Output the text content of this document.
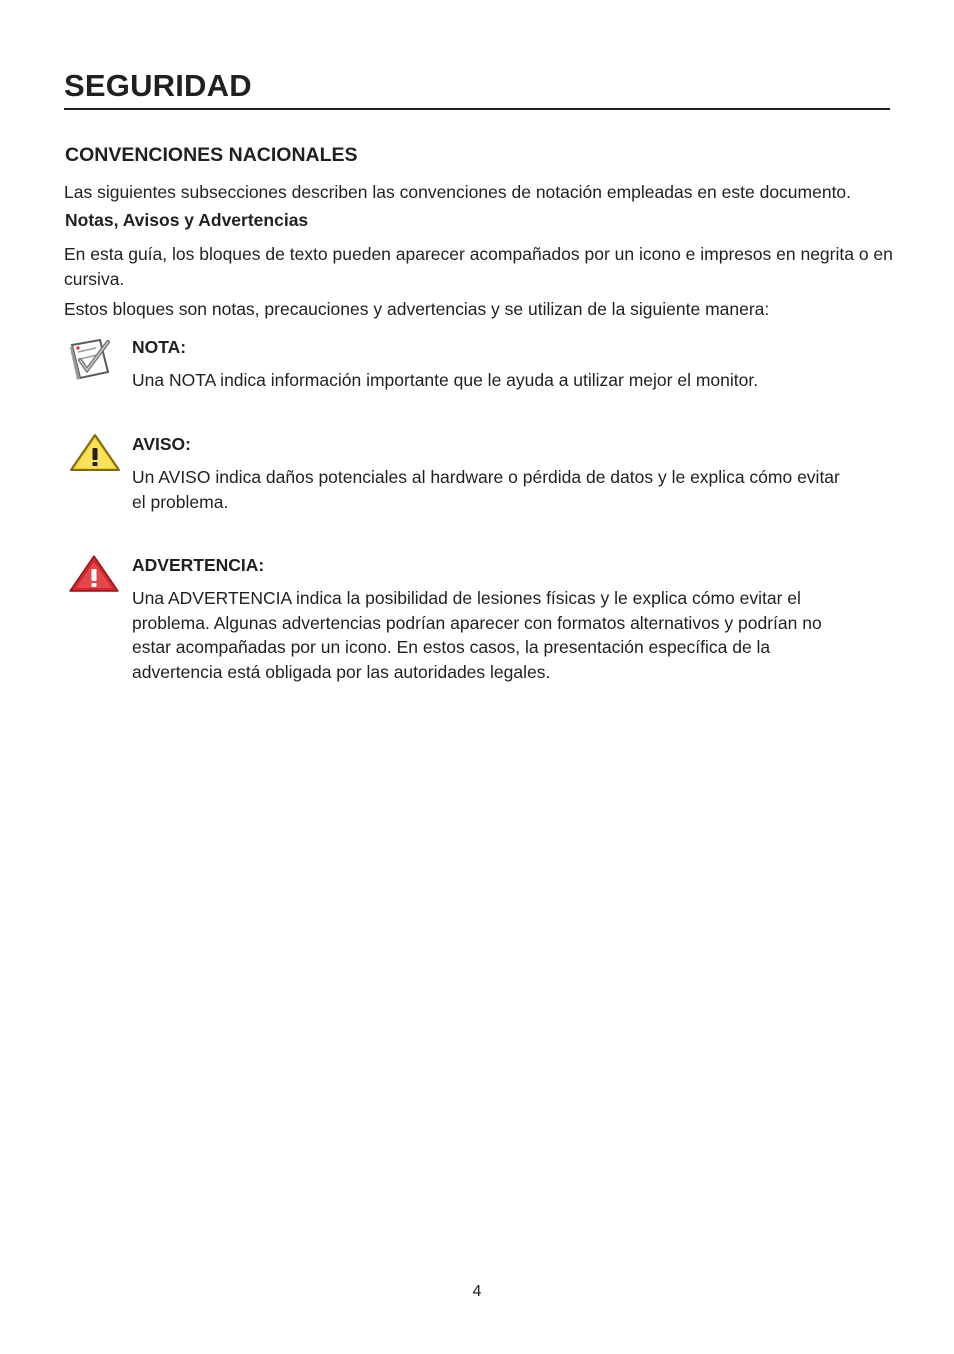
SEGURIDAD
CONVENCIONES NACIONALES

Las siguientes subsecciones describen las convenciones de notación empleadas en este documento.

Notas, Avisos y Advertencias

En esta guía, los bloques de texto pueden aparecer acompañados por un icono e impresos en negrita o en cursiva.

Estos bloques son notas, precauciones y advertencias y se utilizan de la siguiente manera:

NOTA:

Una NOTA indica información importante que le ayuda a utilizar mejor el monitor.

AVISO:

Un AVISO indica daños potenciales al hardware o pérdida de datos y le explica cómo evitar el problema.

ADVERTENCIA:

Una ADVERTENCIA indica la posibilidad de lesiones físicas y le explica cómo evitar el problema. Algunas advertencias podrían aparecer con formatos alternativos y podrían no estar acompañadas por un icono. En estos casos, la presentación específica de la advertencia está obligada por las autoridades legales.

4
